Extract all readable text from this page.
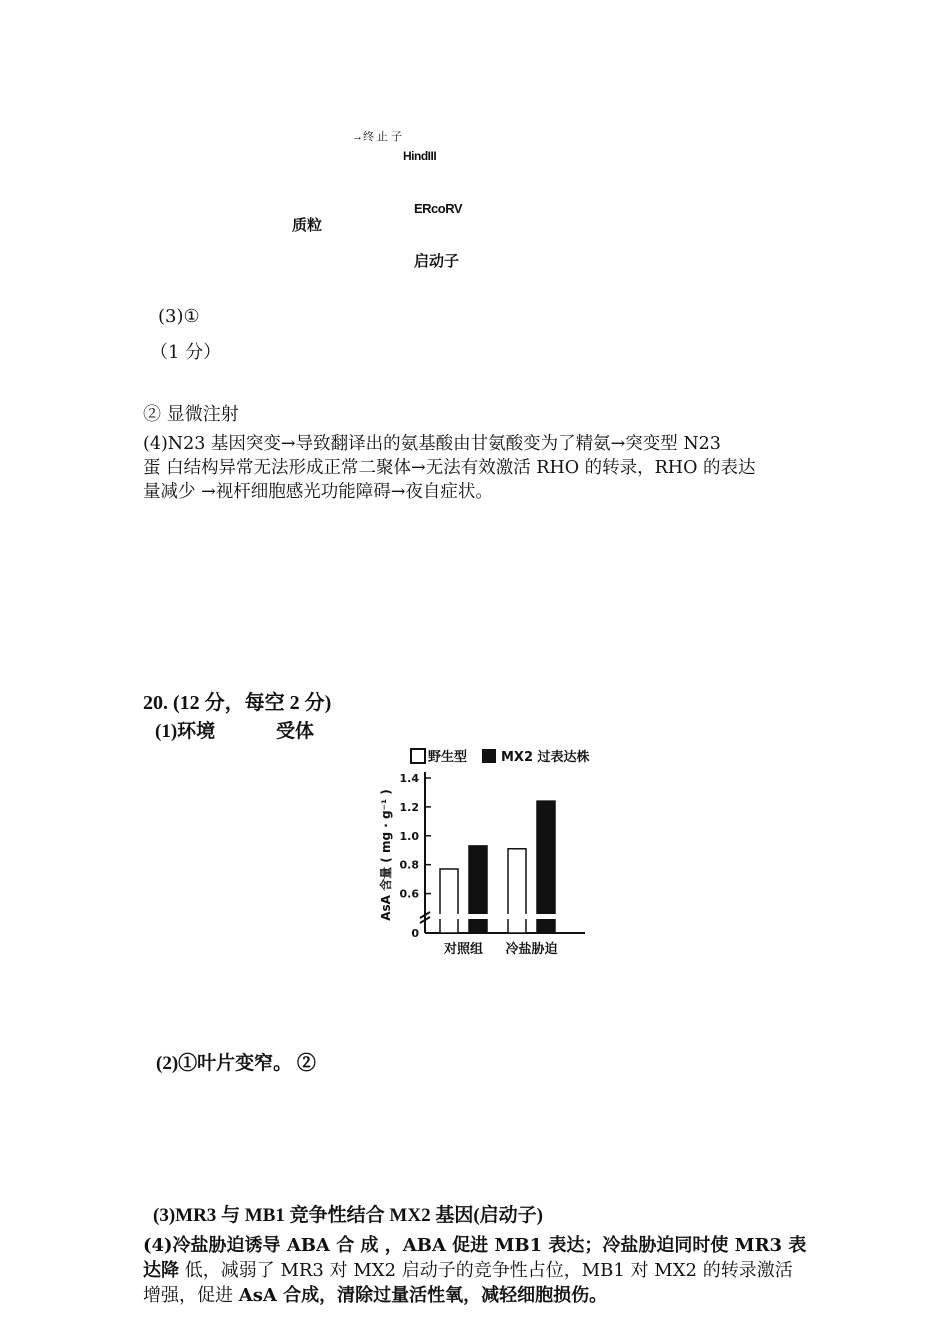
→终 止 子
HindIII
ERcoRV
质粒
启动子
(3)①
（1 分）
② 显微注射
(4)N23 基因突变→导致翻译出的氨基酸由甘氨酸变为了精氨→突变型 N23
蛋 白结构异常无法形成正常二聚体→无法有效激活 RHO 的转录，RHO 的表达
量减少 →视杆细胞感光功能障碍→夜自症状。
20. (12 分，每空 2 分)
(1)环境	受体
野生型	MX2 过表达株
AsA 含量 ( mg · g⁻¹ )
0
0.6
0.8
1.0
1.2
1.4
对照组 冷盐胁迫
(2)①叶片变窄。 ②
(3)MR3 与 MB1 竞争性结合 MX2 基因(启动子)
(4)冷盐胁迫诱导 ABA 合 成 ，ABA 促进 MB1 表达；冷盐胁迫同时使 MR3 表
达降 低，减弱了 MR3 对 MX2 启动子的竞争性占位，MB1 对 MX2 的转录激活
增强，促进 AsA 合成，清除过量活性氧，减轻细胞损伤。
